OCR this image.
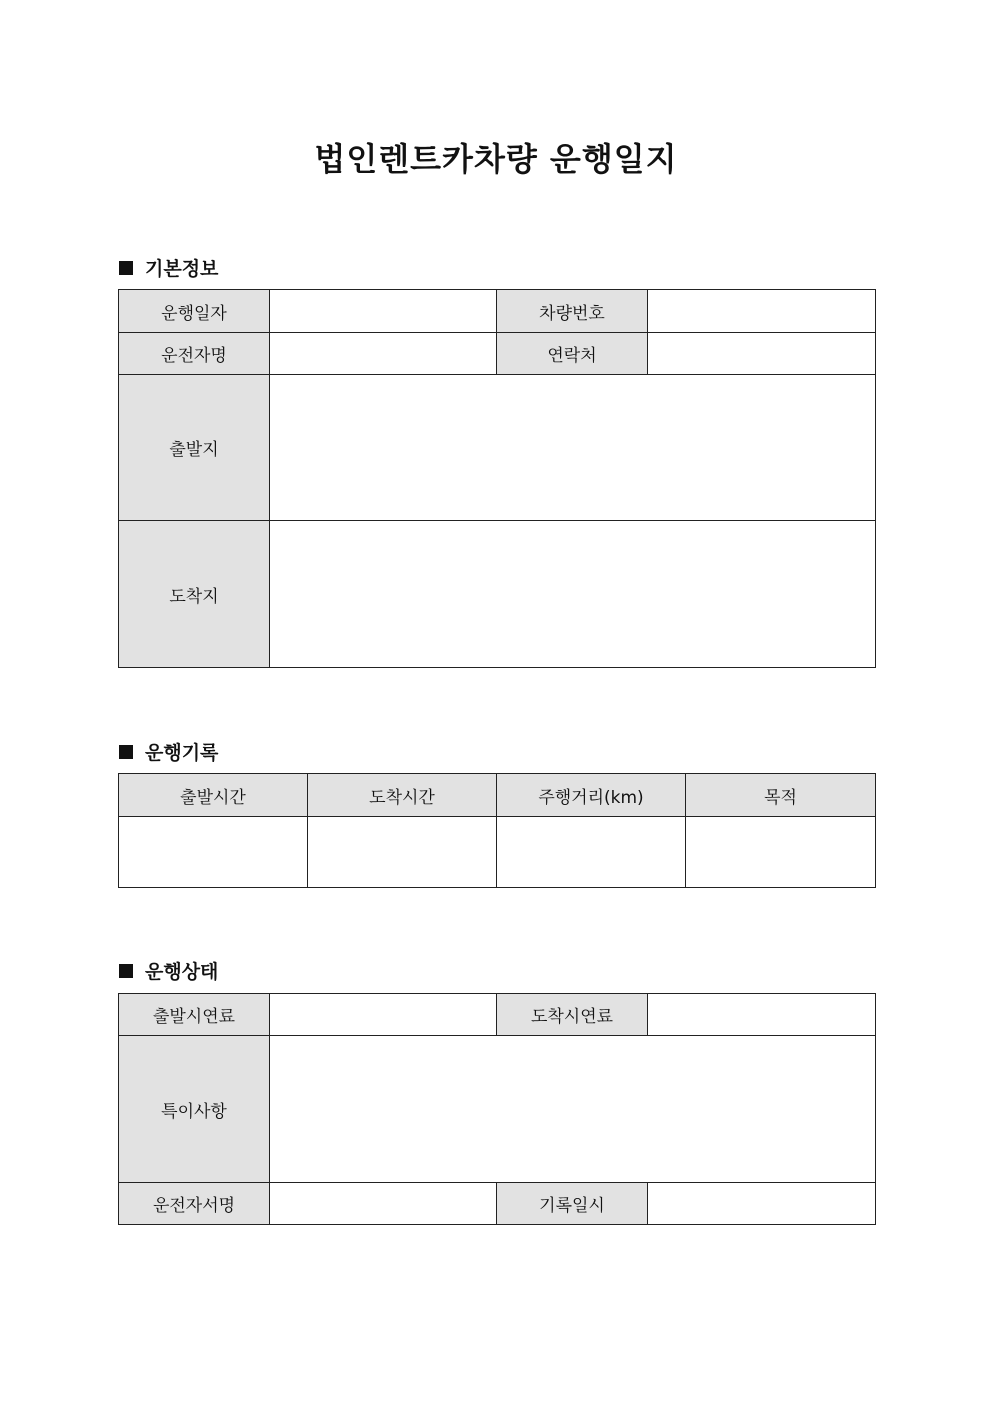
법인렌트카차량 운행일지
기본정보
운행일자		차량번호	
운전자명		연락처	
출발지			
도착지			
운행기록
출발시간	도착시간	주행거리(km)	목적

운행상태
출발시연료		도착시연료	
특이사항			
운전자서명		기록일시	
